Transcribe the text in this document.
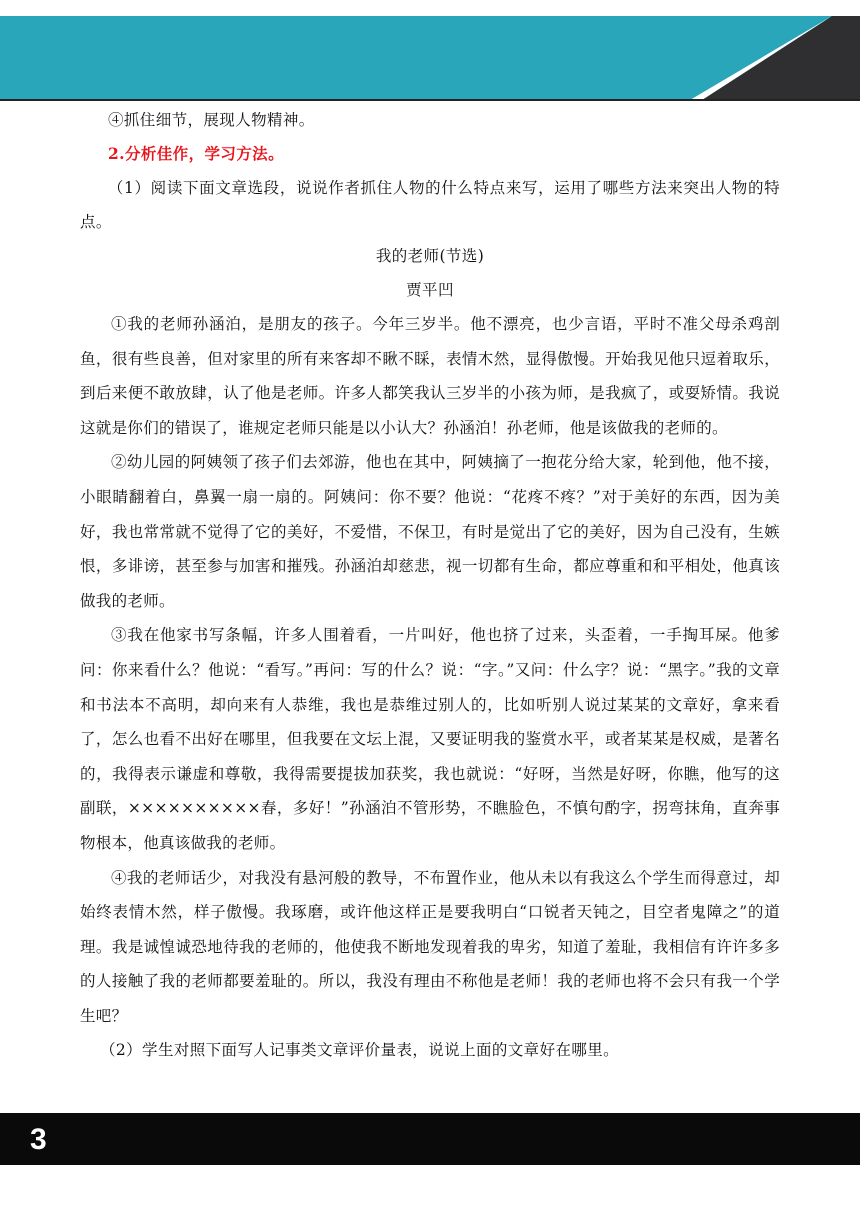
④抓住细节，展现人物精神。

2.分析佳作，学习方法。

（1）阅读下面文章选段，说说作者抓住人物的什么特点来写，运用了哪些方法来突出人物的特点。

我的老师(节选)

贾平凹

①我的老师孙涵泊，是朋友的孩子。今年三岁半。他不漂亮，也少言语，平时不准父母杀鸡剖鱼，很有些良善，但对家里的所有来客却不瞅不睬，表情木然，显得傲慢。开始我见他只逗着取乐，到后来便不敢放肆，认了他是老师。许多人都笑我认三岁半的小孩为师，是我疯了，或耍矫情。我说这就是你们的错误了，谁规定老师只能是以小认大？孙涵泊！孙老师，他是该做我的老师的。

②幼儿园的阿姨领了孩子们去郊游，他也在其中，阿姨摘了一抱花分给大家，轮到他，他不接，小眼睛翻着白，鼻翼一扇一扇的。阿姨问：你不要？他说：“花疼不疼？”对于美好的东西，因为美好，我也常常就不觉得了它的美好，不爱惜，不保卫，有时是觉出了它的美好，因为自己没有，生嫉恨，多诽谤，甚至参与加害和摧残。孙涵泊却慈悲，视一切都有生命，都应尊重和和平相处，他真该做我的老师。

③我在他家书写条幅，许多人围着看，一片叫好，他也挤了过来，头歪着，一手掏耳屎。他爹问：你来看什么？他说：“看写。”再问：写的什么？说：“字。”又问：什么字？说：“黑字。”我的文章和书法本不高明，却向来有人恭维，我也是恭维过别人的，比如听别人说过某某的文章好，拿来看了，怎么也看不出好在哪里，但我要在文坛上混，又要证明我的鉴赏水平，或者某某是权威，是著名的，我得表示谦虚和尊敬，我得需要提拔加获奖，我也就说：“好呀，当然是好呀，你瞧，他写的这副联，××××××××××春，多好！”孙涵泊不管形势，不瞧脸色，不慎句酌字，拐弯抹角，直奔事物根本，他真该做我的老师。

④我的老师话少，对我没有悬河般的教导，不布置作业，他从未以有我这么个学生而得意过，却始终表情木然，样子傲慢。我琢磨，或许他这样正是要我明白“口锐者天钝之，目空者鬼障之”的道理。我是诚惶诚恐地待我的老师的，他使我不断地发现着我的卑劣，知道了羞耻，我相信有许许多多的人接触了我的老师都要羞耻的。所以，我没有理由不称他是老师！我的老师也将不会只有我一个学生吧？

（2）学生对照下面写人记事类文章评价量表，说说上面的文章好在哪里。

3
